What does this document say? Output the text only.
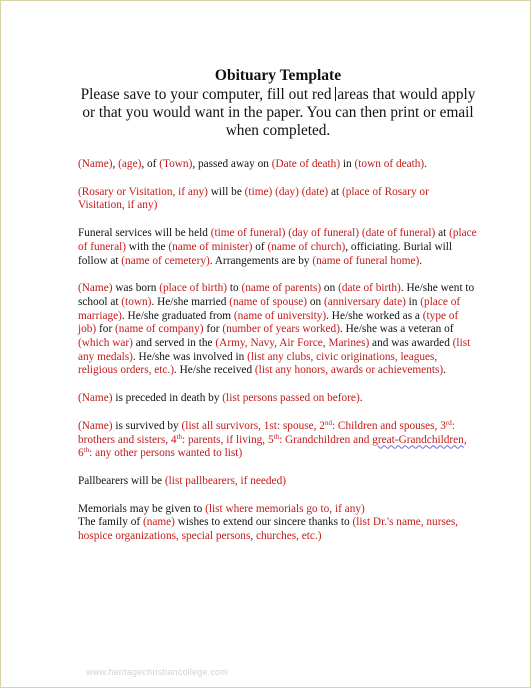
Obituary Template
Please save to your computer, fill out red areas that would apply or that you would want in the paper. You can then print or email when completed.

(Name), (age), of (Town), passed away on (Date of death) in (town of death).

(Rosary or Visitation, if any) will be (time) (day) (date) at (place of Rosary or Visitation, if any)

Funeral services will be held (time of funeral) (day of funeral) (date of funeral) at (place of funeral) with the (name of minister) of (name of church), officiating. Burial will follow at (name of cemetery). Arrangements are by (name of funeral home).

(Name) was born (place of birth) to (name of parents) on (date of birth). He/she went to school at (town). He/she married (name of spouse) on (anniversary date) in (place of marriage). He/she graduated from (name of university). He/she worked as a (type of job) for (name of company) for (number of years worked). He/she was a veteran of (which war) and served in the (Army, Navy, Air Force, Marines) and was awarded (list any medals). He/she was involved in (list any clubs, civic originations, leagues, religious orders, etc.). He/she received (list any honors, awards or achievements).

(Name) is preceded in death by (list persons passed on before).

(Name) is survived by (list all survivors, 1st: spouse, 2nd: Children and spouses, 3rd: brothers and sisters, 4th: parents, if living, 5th: Grandchildren and great-Grandchildren, 6th: any other persons wanted to list)

Pallbearers will be (list pallbearers, if needed)

Memorials may be given to (list where memorials go to, if any)

The family of (name) wishes to extend our sincere thanks to (list Dr.'s name, nurses, hospice organizations, special persons, churches, etc.)

www.heritagechristiancollege.com
